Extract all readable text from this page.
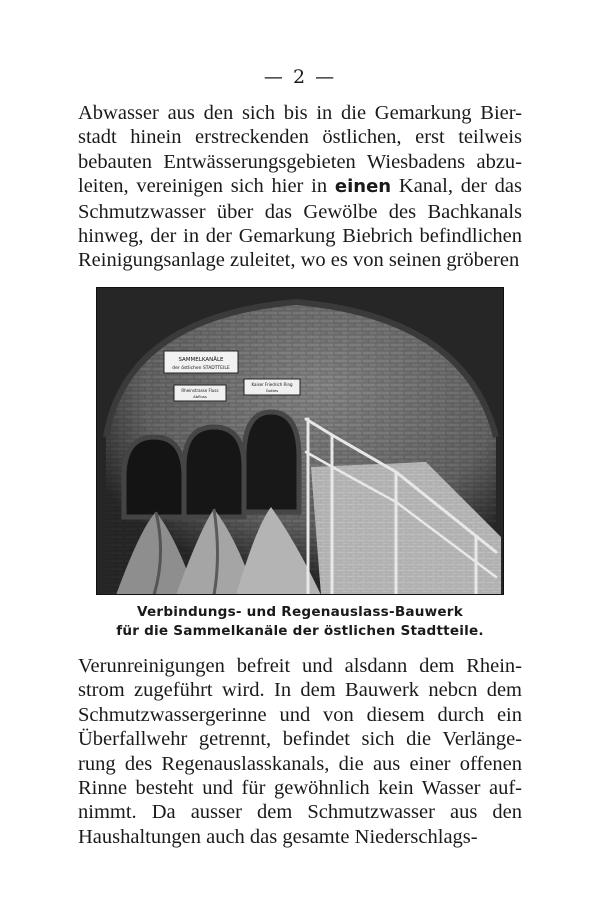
— 2 —
Abwasser aus den sich bis in die Gemarkung Bier-
stadt hinein erstreckenden östlichen, erst teilweis
bebauten Entwässerungsgebieten Wiesbadens abzu-
leiten, vereinigen sich hier in einen Kanal, der das
Schmutzwasser über das Gewölbe des Bachkanals
hinweg, der in der Gemarkung Biebrich befindlichen
Reinigungsanlage zuleitet, wo es von seinen gröberen
SAMMELKANÄLE
der östlichen STADTTEILE
Rheinstrasse Fluss
Abfluss
Kaiser Friedrich Ring
Gottes
Verbindungs- und Regenauslass-Bauwerk
für die Sammelkanäle der östlichen Stadtteile.
Verunreinigungen befreit und alsdann dem Rhein-
strom zugeführt wird. In dem Bauwerk nebcn dem
Schmutzwassergerinne und von diesem durch ein
Überfallwehr getrennt, befindet sich die Verlänge-
rung des Regenauslasskanals, die aus einer offenen
Rinne besteht und für gewöhnlich kein Wasser auf-
nimmt. Da ausser dem Schmutzwasser aus den
Haushaltungen auch das gesamte Niederschlags-
